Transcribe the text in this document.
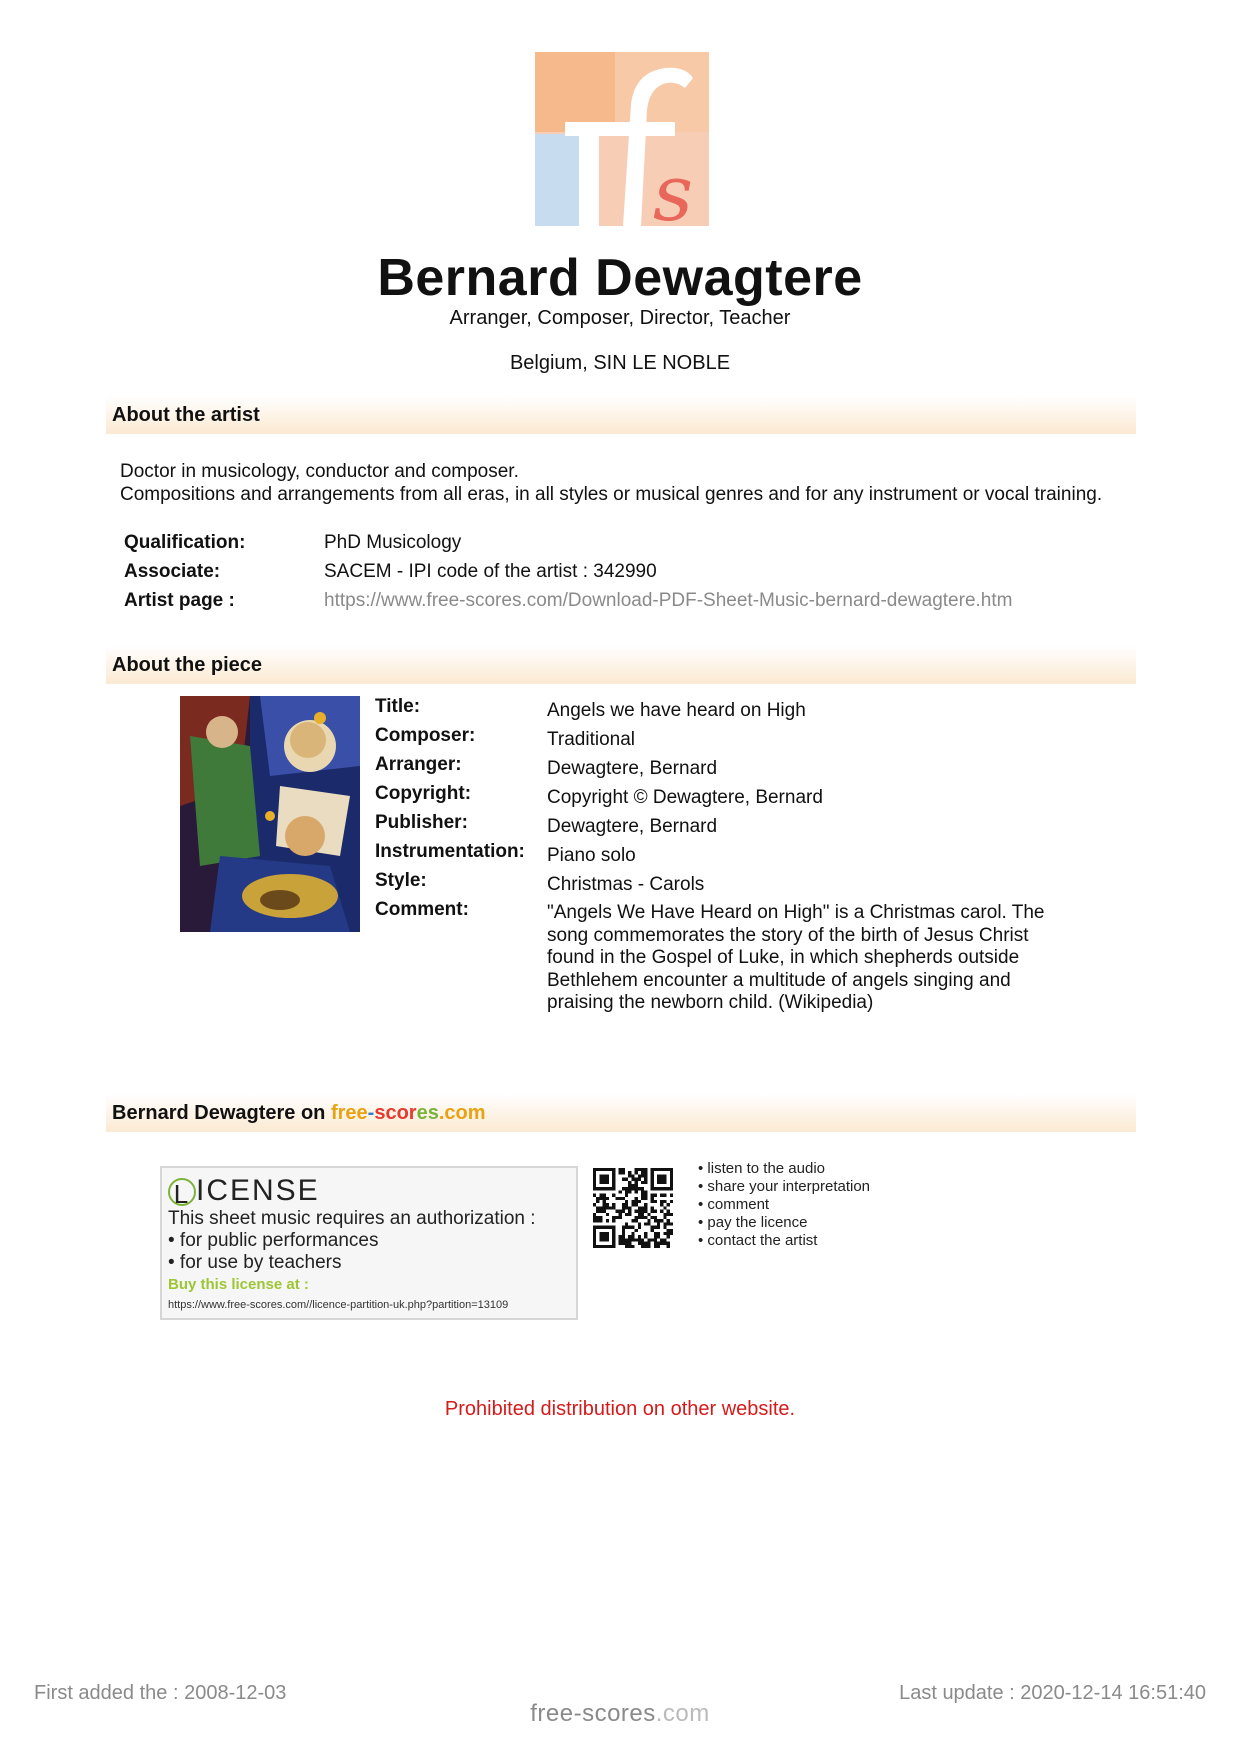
s
Bernard Dewagtere
Arranger, Composer, Director, Teacher
Belgium, SIN LE NOBLE
About the artist
Doctor in musicology, conductor and composer.
Compositions and arrangements from all eras, in all styles or musical genres and for any instrument or vocal training.
Qualification:	PhD Musicology
Associate:	SACEM - IPI code of the artist : 342990
Artist page :	https://www.free-scores.com/Download-PDF-Sheet-Music-bernard-dewagtere.htm
About the piece
Title:	Angels we have heard on High
Composer:	Traditional
Arranger:	Dewagtere, Bernard
Copyright:	Copyright © Dewagtere, Bernard
Publisher:	Dewagtere, Bernard
Instrumentation:	Piano solo
Style:	Christmas - Carols
Comment:	"Angels We Have Heard on High" is a Christmas carol. The song commemorates the story of the birth of Jesus Christ found in the Gospel of Luke, in which shepherds outside Bethlehem encounter a multitude of angels singing and praising the newborn child. (Wikipedia)
Bernard Dewagtere on free-scores.com
L ICENSE
This sheet music requires an authorization :
• for public performances
• for use by teachers
Buy this license at :
https://www.free-scores.com//licence-partition-uk.php?partition=13109
• listen to the audio
• share your interpretation
• comment
• pay the licence
• contact the artist
Prohibited distribution on other website.
First added the : 2008-12-03
free-scores.com
Last update : 2020-12-14 16:51:40
